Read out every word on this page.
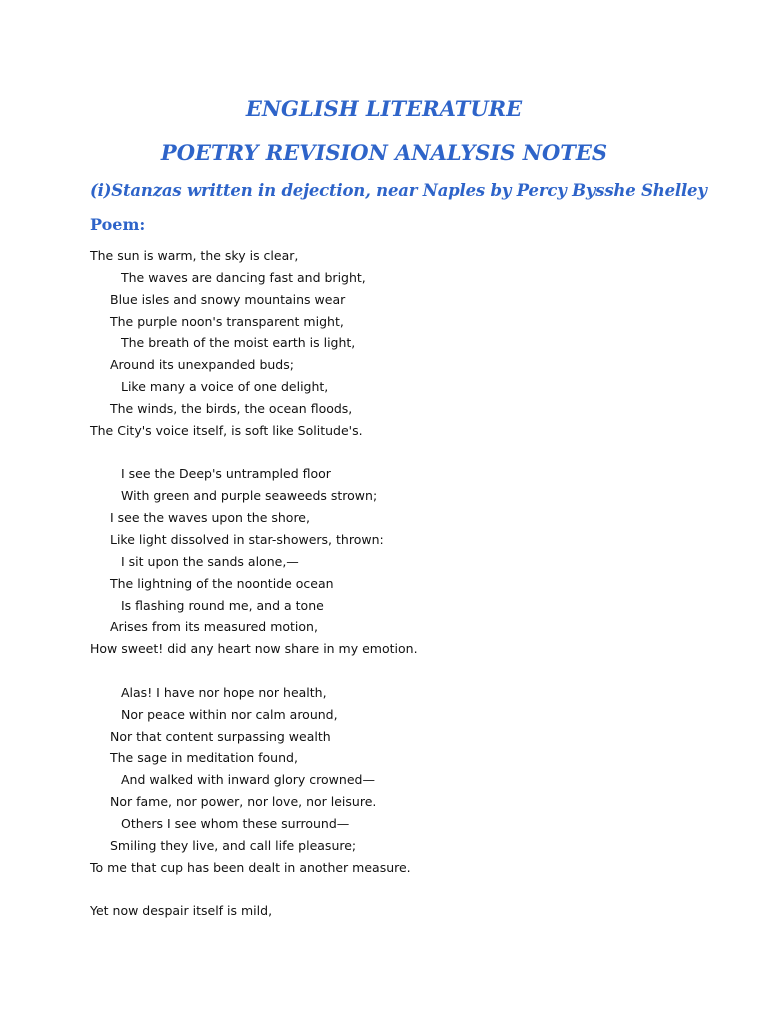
ENGLISH LITERATURE
POETRY REVISION ANALYSIS NOTES
(i)Stanzas written in dejection, near Naples by Percy Bysshe Shelley
Poem:
The sun is warm, the sky is clear,
The waves are dancing fast and bright,
Blue isles and snowy mountains wear
The purple noon's transparent might,
The breath of the moist earth is light,
Around its unexpanded buds;
Like many a voice of one delight,
The winds, the birds, the ocean floods,
The City's voice itself, is soft like Solitude's.
I see the Deep's untrampled floor
With green and purple seaweeds strown;
I see the waves upon the shore,
Like light dissolved in star-showers, thrown:
I sit upon the sands alone,—
The lightning of the noontide ocean
Is flashing round me, and a tone
Arises from its measured motion,
How sweet! did any heart now share in my emotion.
Alas! I have nor hope nor health,
Nor peace within nor calm around,
Nor that content surpassing wealth
The sage in meditation found,
And walked with inward glory crowned—
Nor fame, nor power, nor love, nor leisure.
Others I see whom these surround—
Smiling they live, and call life pleasure;
To me that cup has been dealt in another measure.
Yet now despair itself is mild,
